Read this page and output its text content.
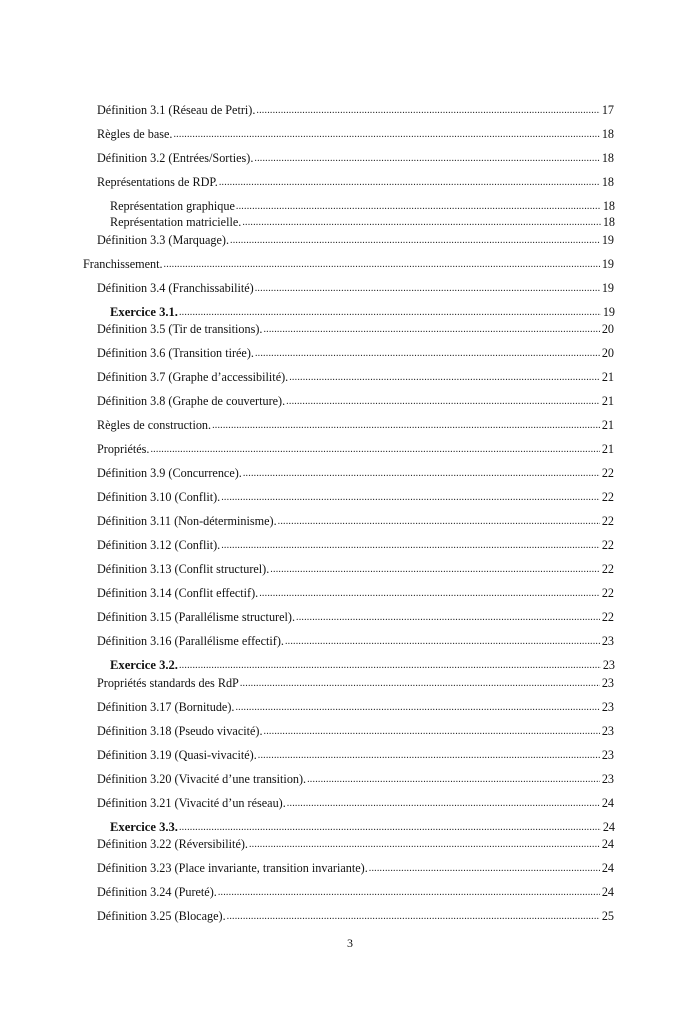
Définition 3.1 (Réseau de Petri). .....	17
Règles de base. .....	18
Définition 3.2 (Entrées/Sorties). .....	18
Représentations de RDP. .....	18
Représentation graphique .....	18
Représentation matricielle. .....	18
Définition 3.3 (Marquage). .....	19
Franchissement. .....	19
Définition 3.4 (Franchissabilité) .....	19
Exercice 3.1. .....	19
Définition 3.5 (Tir de transitions). .....	20
Définition 3.6 (Transition tirée). .....	20
Définition 3.7 (Graphe d’accessibilité). .....	21
Définition 3.8 (Graphe de couverture). .....	21
Règles de construction. .....	21
Propriétés. .....	21
Définition 3.9 (Concurrence). .....	22
Définition 3.10 (Conflit). .....	22
Définition 3.11 (Non-déterminisme). .....	22
Définition 3.12 (Conflit). .....	22
Définition 3.13 (Conflit structurel). .....	22
Définition 3.14 (Conflit effectif). .....	22
Définition 3.15 (Parallélisme structurel). .....	22
Définition 3.16 (Parallélisme effectif). .....	23
Exercice 3.2. .....	23
Propriétés standards des RdP .....	23
Définition 3.17 (Bornitude). .....	23
Définition 3.18 (Pseudo vivacité). .....	23
Définition 3.19 (Quasi-vivacité). .....	23
Définition 3.20 (Vivacité d’une transition). .....	23
Définition 3.21 (Vivacité d’un réseau). .....	24
Exercice 3.3. .....	24
Définition 3.22 (Réversibilité). .....	24
Définition 3.23 (Place invariante, transition invariante). .....	24
Définition 3.24 (Pureté). .....	24
Définition 3.25 (Blocage). .....	25
3
